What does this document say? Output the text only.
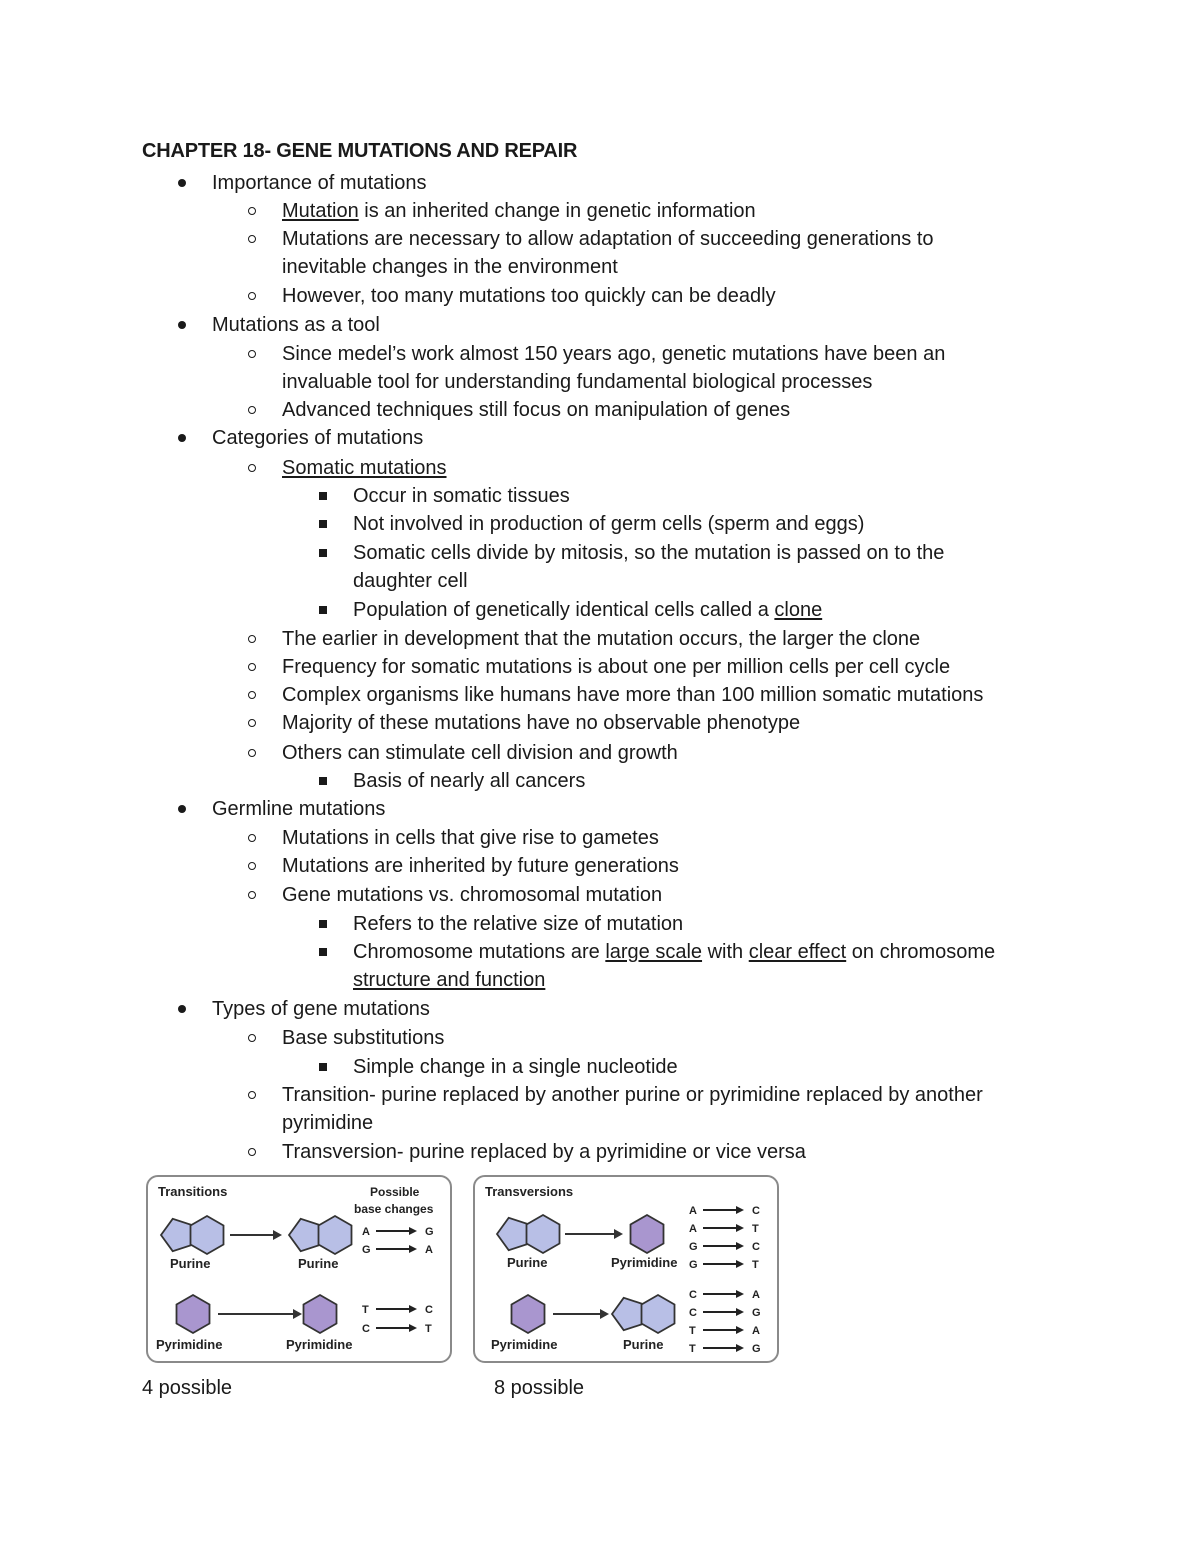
CHAPTER 18- GENE MUTATIONS AND REPAIR
Importance of mutations
Mutation is an inherited change in genetic information
Mutations are necessary to allow adaptation of succeeding generations to
inevitable changes in the environment
However, too many mutations too quickly can be deadly
Mutations as a tool
Since medel’s work almost 150 years ago, genetic mutations have been an
invaluable tool for understanding fundamental biological processes
Advanced techniques still focus on manipulation of genes
Categories of mutations
Somatic mutations
Occur in somatic tissues
Not involved in production of germ cells (sperm and eggs)
Somatic cells divide by mitosis, so the mutation is passed on to the
daughter cell
Population of genetically identical cells called a clone
The earlier in development that the mutation occurs, the larger the clone
Frequency for somatic mutations is about one per million cells per cell cycle
Complex organisms like humans have more than 100 million somatic mutations
Majority of these mutations have no observable phenotype
Others can stimulate cell division and growth
Basis of nearly all cancers
Germline mutations
Mutations in cells that give rise to gametes
Mutations are inherited by future generations
Gene mutations vs. chromosomal mutation
Refers to the relative size of mutation
Chromosome mutations are large scale with clear effect on chromosome
structure and function
Types of gene mutations
Base substitutions
Simple change in a single nucleotide
Transition- purine replaced by another purine or pyrimidine replaced by another
pyrimidine
Transversion- purine replaced by a pyrimidine or vice versa
Transitions	Possible
base changes
Purine	Purine
A	G
G	A
Pyrimidine	Pyrimidine
T	C
C	T
Transversions
Purine	Pyrimidine
A	C
A	T
G	C
G	T
Pyrimidine	Purine
C	A
C	G
T	A
T	G
4 possible	8 possible
